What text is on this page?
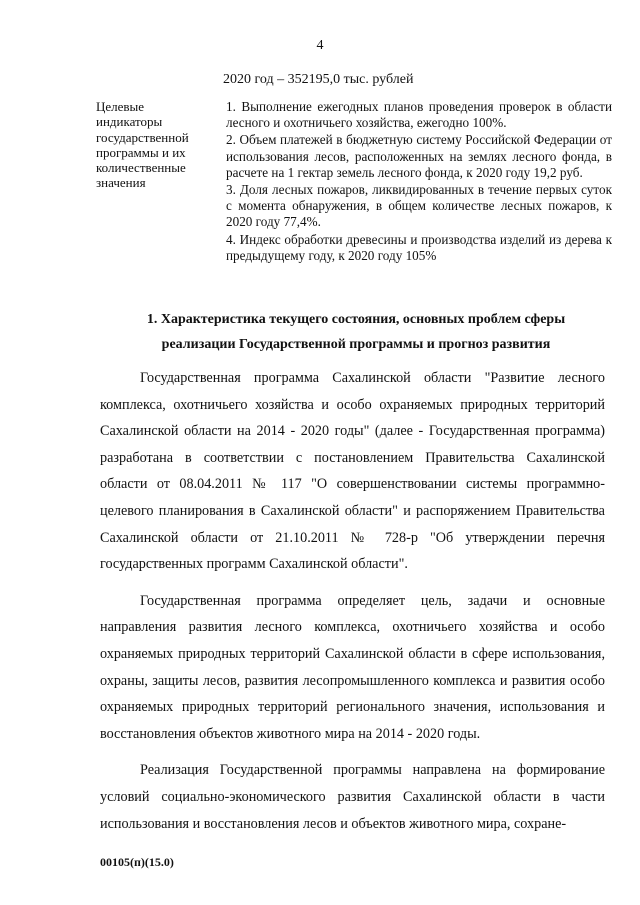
4
2020 год – 352195,0 тыс. рублей
Целевые
индикаторы
государственной
программы и их
количественные
значения
1. Выполнение ежегодных планов проведения проверок в области лесного и охотничьего хозяйства, ежегодно 100%.
2. Объем платежей в бюджетную систему Российской Федерации от использования лесов, расположенных на землях лесного фонда, в расчете на 1 гектар земель лесного фонда, к 2020 году 19,2 руб.
3. Доля лесных пожаров, ликвидированных в течение первых суток с момента обнаружения, в общем количестве лесных пожаров, к 2020 году 77,4%.
4. Индекс обработки древесины и производства изделий из дерева к предыдущему году, к 2020 году 105%
1. Характеристика текущего состояния, основных проблем сферы
реализации Государственной программы и прогноз развития

Государственная программа Сахалинской области "Развитие лесного комплекса, охотничьего хозяйства и особо охраняемых природных территорий Сахалинской области на 2014 - 2020 годы" (далее - Государственная программа) разработана в соответствии с постановлением Правительства Сахалинской области от 08.04.2011 № 117 "О совершенствовании системы программно-целевого планирования в Сахалинской области" и распоряжением Правительства Сахалинской области от 21.10.2011 № 728-р "Об утверждении перечня государственных программ Сахалинской области".

Государственная программа определяет цель, задачи и основные направления развития лесного комплекса, охотничьего хозяйства и особо охраняемых природных территорий Сахалинской области в сфере использования, охраны, защиты лесов, развития лесопромышленного комплекса и развития особо охраняемых природных территорий регионального значения, использования и восстановления объектов животного мира на 2014 - 2020 годы.

Реализация Государственной программы направлена на формирование условий социально-экономического развития Сахалинской области в части использования и восстановления лесов и объектов животного мира, сохране-

00105(п)(15.0)
